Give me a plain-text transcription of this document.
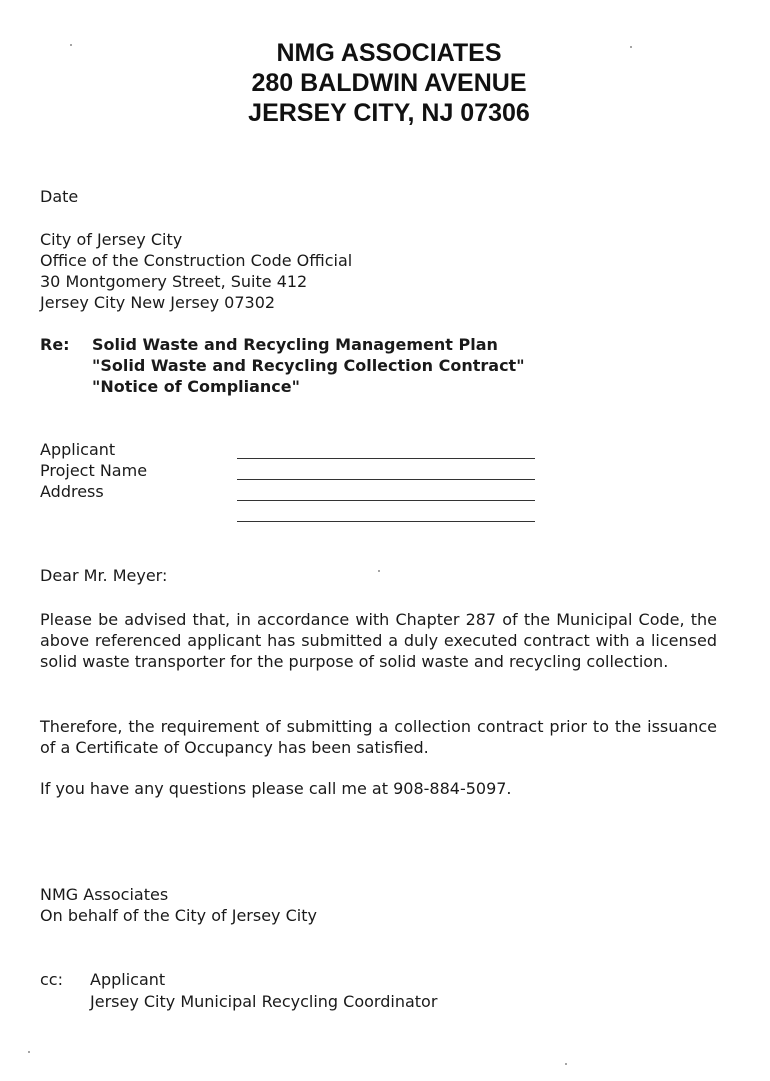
NMG ASSOCIATES
280 BALDWIN AVENUE
JERSEY CITY, NJ 07306
Date
City of Jersey City
Office of the Construction Code Official
30 Montgomery Street, Suite 412
Jersey City New Jersey 07302
Re: Solid Waste and Recycling Management Plan
"Solid Waste and Recycling Collection Contract"
"Notice of Compliance"
Applicant
Project Name
Address
Dear Mr. Meyer:
Please be advised that, in accordance with Chapter 287 of the Municipal Code, the above referenced applicant has submitted a duly executed contract with a licensed solid waste transporter for the purpose of solid waste and recycling collection.
Therefore, the requirement of submitting a collection contract prior to the issuance of a Certificate of Occupancy has been satisfied.
If you have any questions please call me at 908-884-5097.
NMG Associates
On behalf of the City of Jersey City
cc: Applicant
Jersey City Municipal Recycling Coordinator
